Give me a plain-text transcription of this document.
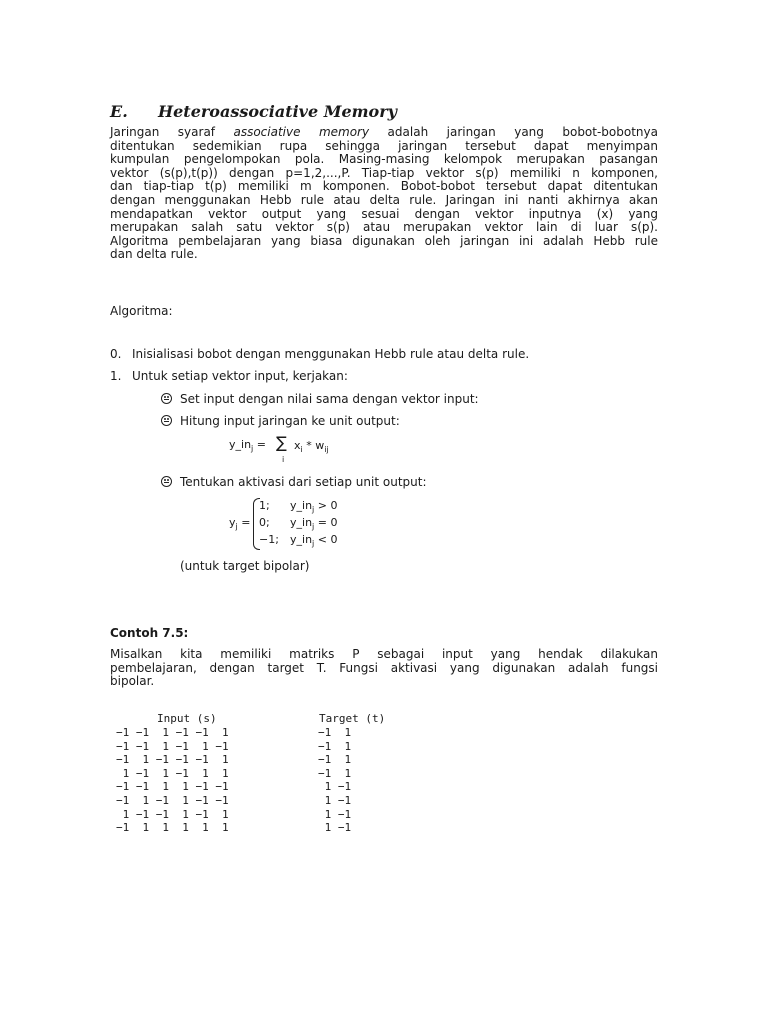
E. Heteroassociative Memory
Jaringan syaraf associative memory adalah jaringan yang bobot-bobotnya
ditentukan sedemikian rupa sehingga jaringan tersebut dapat menyimpan
kumpulan pengelompokan pola. Masing-masing kelompok merupakan pasangan
vektor (s(p),t(p)) dengan p=1,2,...,P. Tiap-tiap vektor s(p) memiliki n komponen,
dan tiap-tiap t(p) memiliki m komponen. Bobot-bobot tersebut dapat ditentukan
dengan menggunakan Hebb rule atau delta rule. Jaringan ini nanti akhirnya akan
mendapatkan vektor output yang sesuai dengan vektor inputnya (x) yang
merupakan salah satu vektor s(p) atau merupakan vektor lain di luar s(p).
Algoritma pembelajaran yang biasa digunakan oleh jaringan ini adalah Hebb rule
dan delta rule.
Algoritma:
0. Inisialisasi bobot dengan menggunakan Hebb rule atau delta rule.
1. Untuk setiap vektor input, kerjakan:
Set input dengan nilai sama dengan vektor input:
Hitung input jaringan ke unit output:
$y\_in_j$ = ∑
i
$x_i * w_{ij}$
Tentukan aktivasi dari setiap unit output:
$y_j$ =
1; $y\_in_j > 0$
0; $y\_in_j = 0$
−1; $y\_in_j < 0$
(untuk target bipolar)
Contoh 7.5:
Misalkan kita memiliki matriks P sebagai input yang hendak dilakukan
pembelajaran, dengan target T. Fungsi aktivasi yang digunakan adalah fungsi
bipolar.

Input (s)

	Target (t)

−1 −1  1 −1 −1  1	−1  1
−1 −1  1 −1  1 −1	−1  1
−1  1 −1 −1 −1  1	−1  1
1 −1  1 −1  1  1	−1  1
−1 −1  1  1 −1 −1	1 −1
−1  1 −1  1 −1 −1	1 −1
1 −1 −1  1 −1  1	1 −1
−1  1  1  1  1  1	1 −1
